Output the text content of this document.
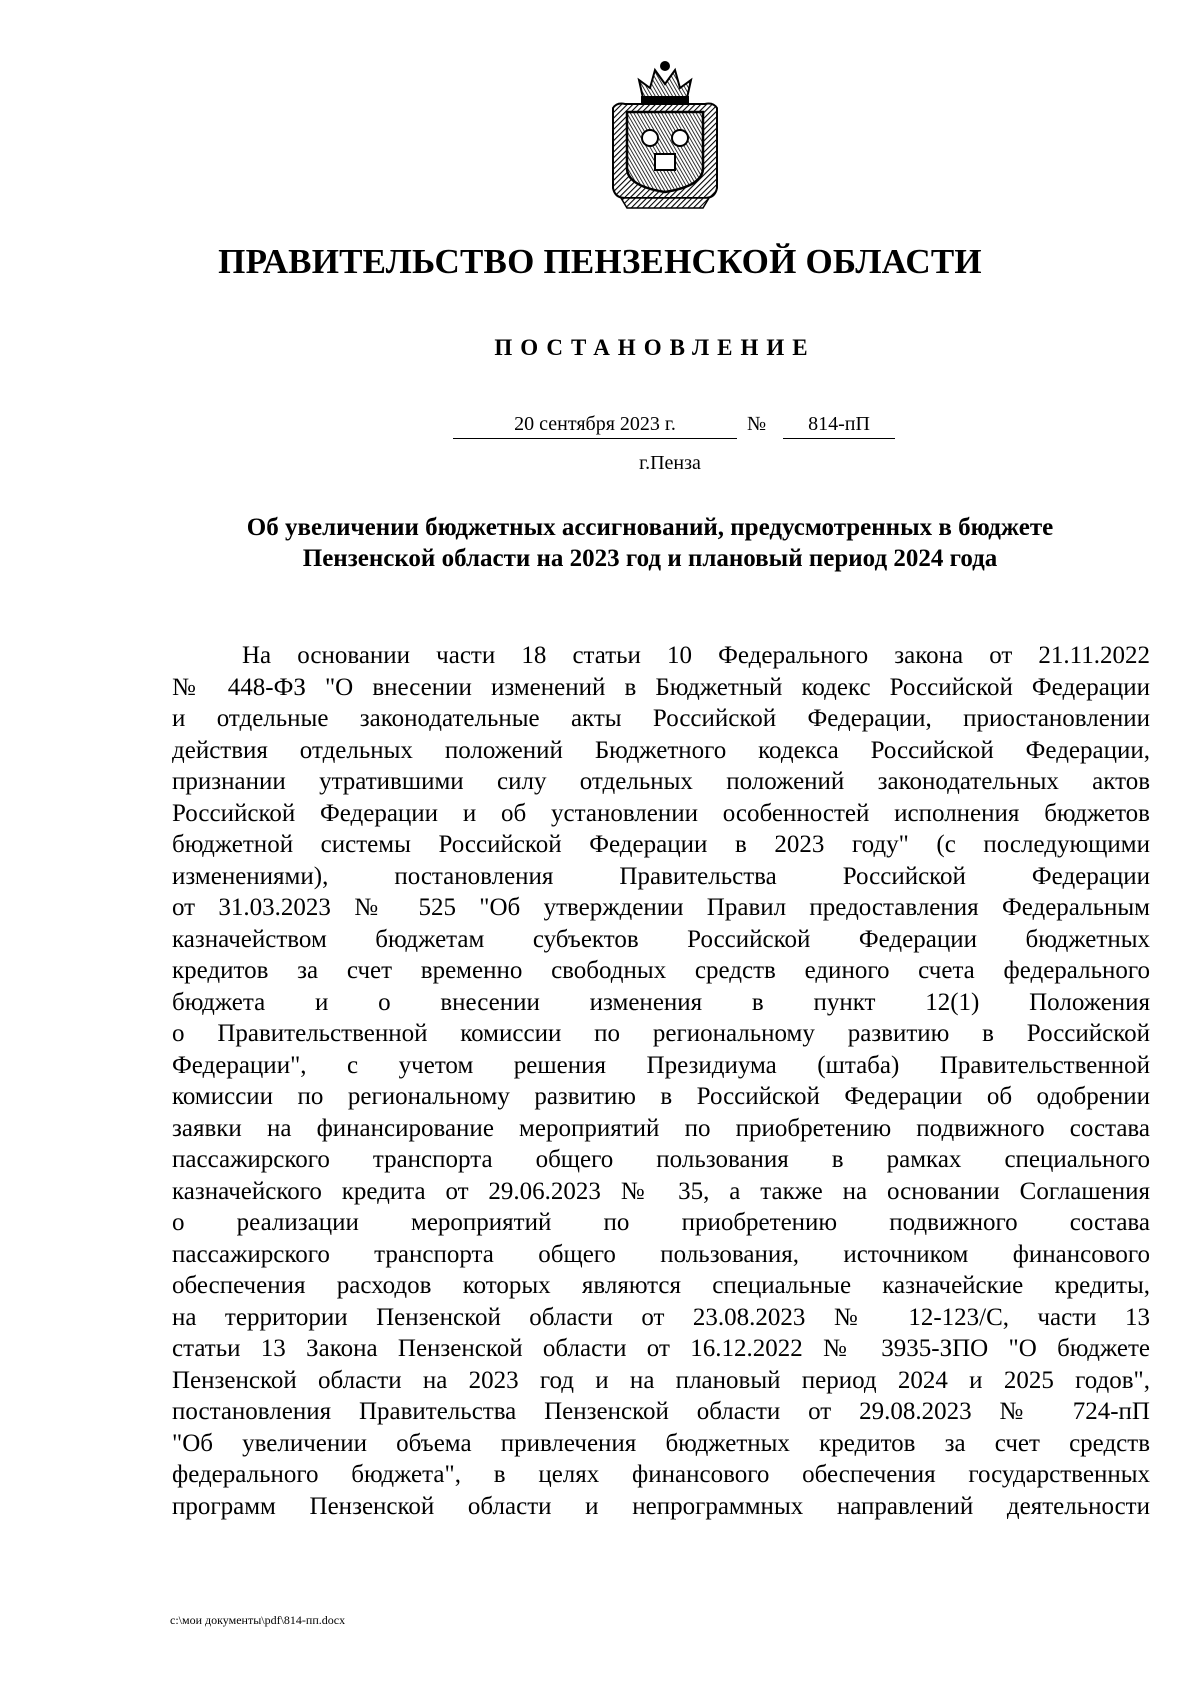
ПРАВИТЕЛЬСТВО ПЕНЗЕНСКОЙ ОБЛАСТИ
ПОСТАНОВЛЕНИЕ
20 сентября 2023 г.	№	814-пП
г.Пенза
Об увеличении бюджетных ассигнований, предусмотренных в бюджете
Пензенской области на 2023 год и плановый период 2024 года
На основании части 18 статьи 10 Федерального закона от 21.11.2022
№ 448-ФЗ "О внесении изменений в Бюджетный кодекс Российской Федерации
и отдельные законодательные акты Российской Федерации, приостановлении
действия отдельных положений Бюджетного кодекса Российской Федерации,
признании утратившими силу отдельных положений законодательных актов
Российской Федерации и об установлении особенностей исполнения бюджетов
бюджетной системы Российской Федерации в 2023 году" (с последующими
изменениями), постановления Правительства Российской Федерации
от 31.03.2023 № 525 "Об утверждении Правил предоставления Федеральным
казначейством бюджетам субъектов Российской Федерации бюджетных
кредитов за счет временно свободных средств единого счета федерального
бюджета и о внесении изменения в пункт 12(1) Положения
о Правительственной комиссии по региональному развитию в Российской
Федерации", с учетом решения Президиума (штаба) Правительственной
комиссии по региональному развитию в Российской Федерации об одобрении
заявки на финансирование мероприятий по приобретению подвижного состава
пассажирского транспорта общего пользования в рамках специального
казначейского кредита от 29.06.2023 № 35, а также на основании Соглашения
о реализации мероприятий по приобретению подвижного состава
пассажирского транспорта общего пользования, источником финансового
обеспечения расходов которых являются специальные казначейские кредиты,
на территории Пензенской области от 23.08.2023 № 12-123/С, части 13
статьи 13 Закона Пензенской области от 16.12.2022 № 3935-ЗПО "О бюджете
Пензенской области на 2023 год и на плановый период 2024 и 2025 годов",
постановления Правительства Пензенской области от 29.08.2023 № 724-пП
"Об увеличении объема привлечения бюджетных кредитов за счет средств
федерального бюджета", в целях финансового обеспечения государственных
программ Пензенской области и непрограммных направлений деятельности
c:\мои документы\pdf\814-пп.docx
